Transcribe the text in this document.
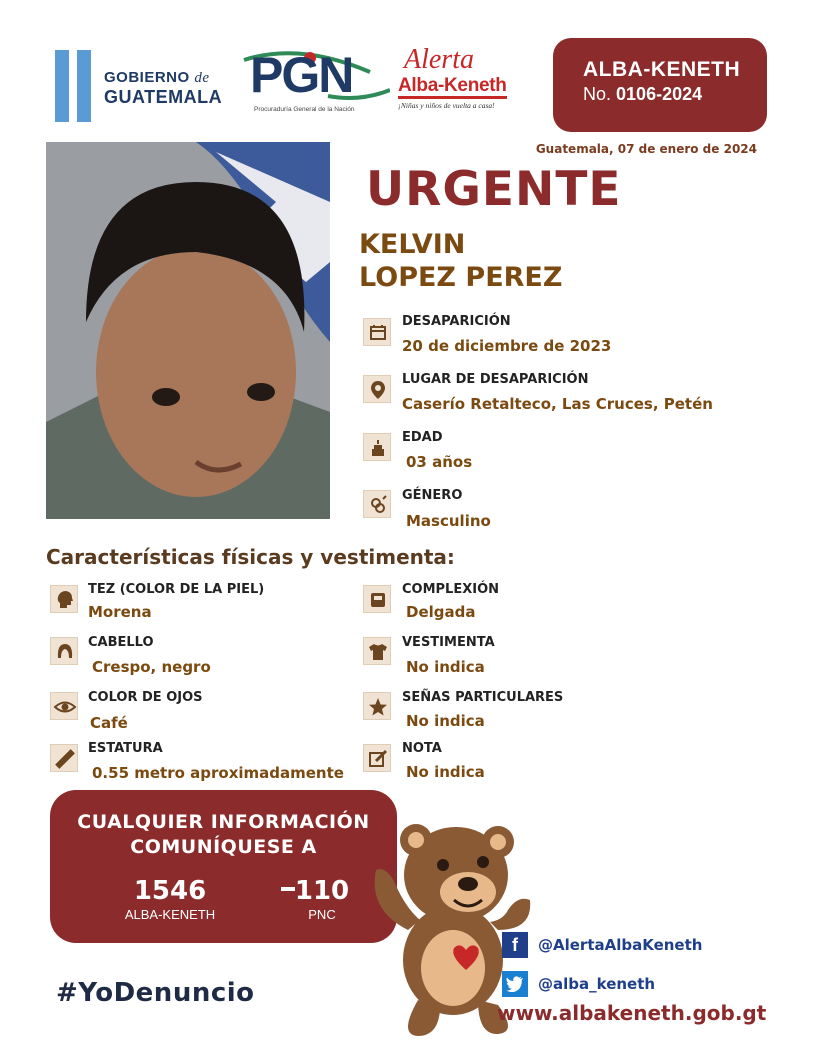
GOBIERNO de
GUATEMALA PGN
Procuraduría General de la Nación
Alerta
Alba-Keneth
¡Niñas y niños de vuelta a casa!
ALBA-KENETH
No. 0106-2024
Guatemala, 07 de enero de 2024
URGENTE
KELVIN
LOPEZ PEREZ
DESAPARICIÓN
20 de diciembre de 2023
LUGAR DE DESAPARICIÓN
Caserío Retalteco, Las Cruces, Petén
EDAD
03 años
GÉNERO
Masculino
Características físicas y vestimenta:
TEZ (COLOR DE LA PIEL)
Morena
CABELLO
Crespo, negro
COLOR DE OJOS
Café
ESTATURA
0.55 metro aproximadamente
COMPLEXIÓN
Delgada
VESTIMENTA
No indica
SEÑAS PARTICULARES
No indica
NOTA
No indica
CUALQUIER INFORMACIÓN
COMUNÍQUESE A
1546
ALBA-KENETH
110
PNC
#YoDenuncio
f	@AlertaAlbaKeneth
@alba_keneth
www.albakeneth.gob.gt
